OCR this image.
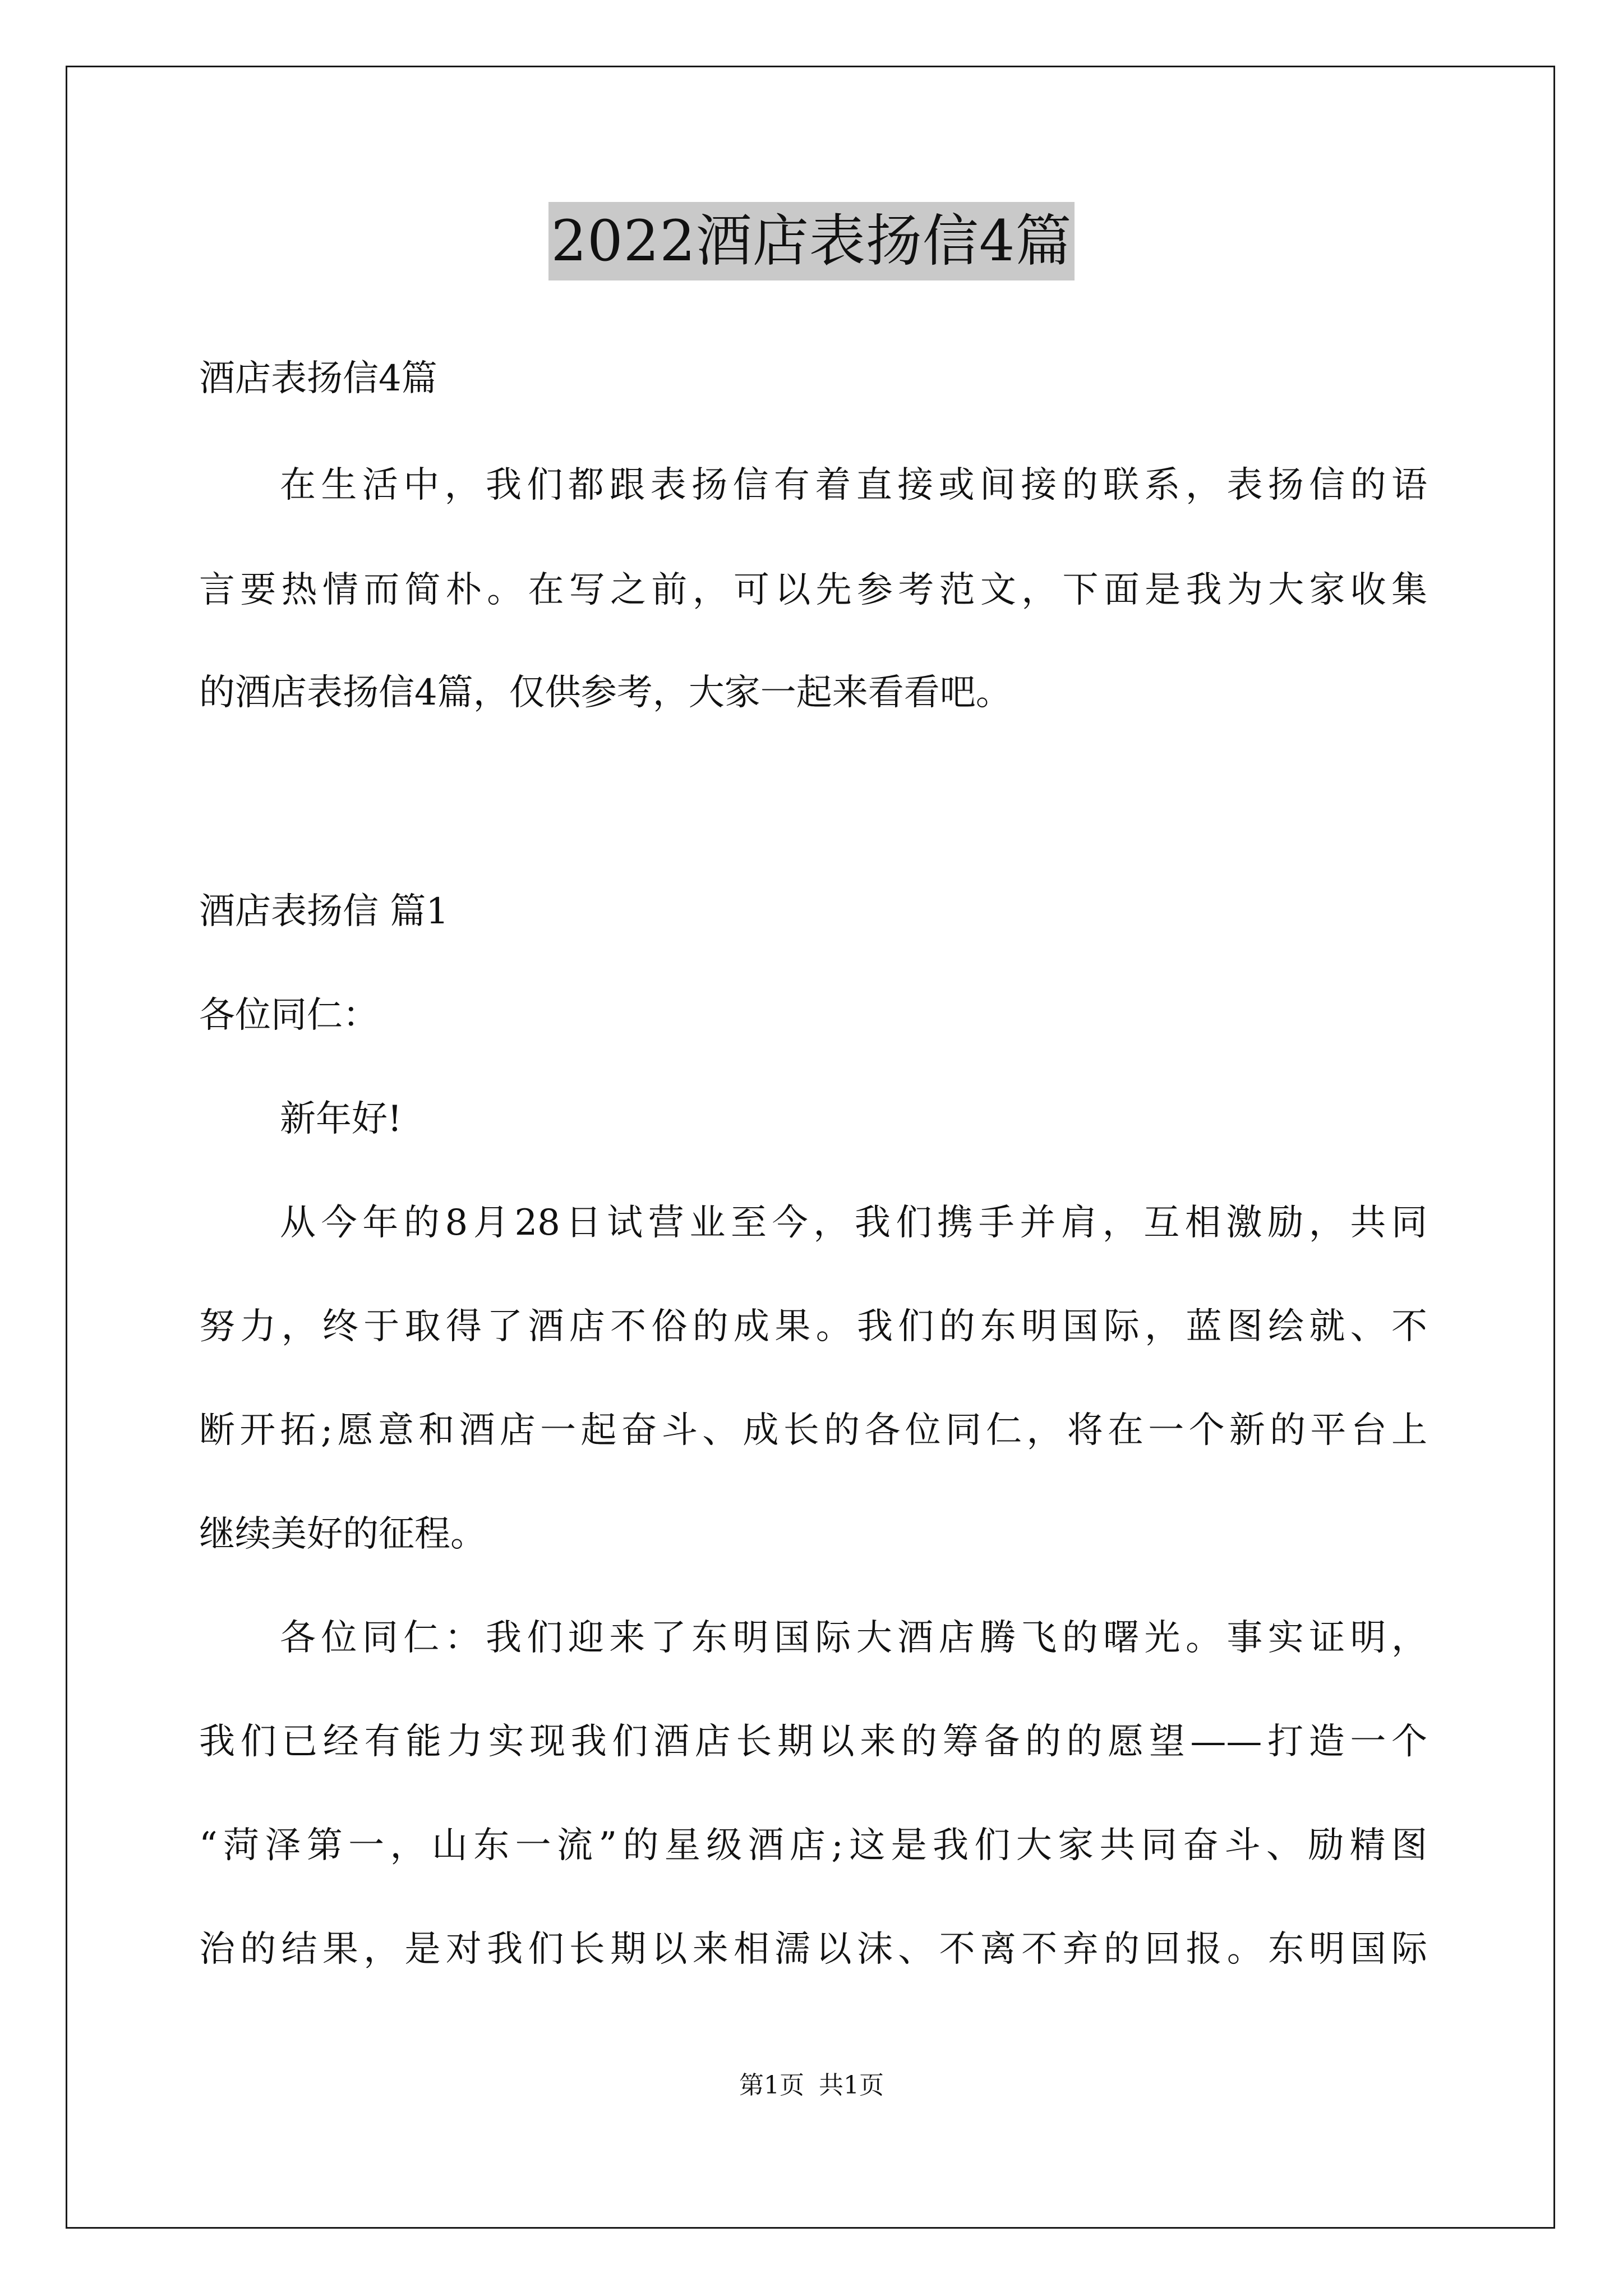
2022酒店表扬信4篇
酒店表扬信4篇
在生活中，我们都跟表扬信有着直接或间接的联系，表扬信的语
言要热情而简朴。在写之前，可以先参考范文，下面是我为大家收集
的酒店表扬信4篇，仅供参考，大家一起来看看吧。
酒店表扬信 篇1
各位同仁：
新年好!
从今年的8月28日试营业至今，我们携手并肩，互相激励，共同
努力，终于取得了酒店不俗的成果。我们的东明国际，蓝图绘就、不
断开拓;愿意和酒店一起奋斗、成长的各位同仁，将在一个新的平台上
继续美好的征程。
各位同仁：我们迎来了东明国际大酒店腾飞的曙光。事实证明，
我们已经有能力实现我们酒店长期以来的筹备的的愿望——打造一个
“菏泽第一，山东一流”的星级酒店;这是我们大家共同奋斗、励精图
治的结果，是对我们长期以来相濡以沫、不离不弃的回报。东明国际
第1页 共1页
